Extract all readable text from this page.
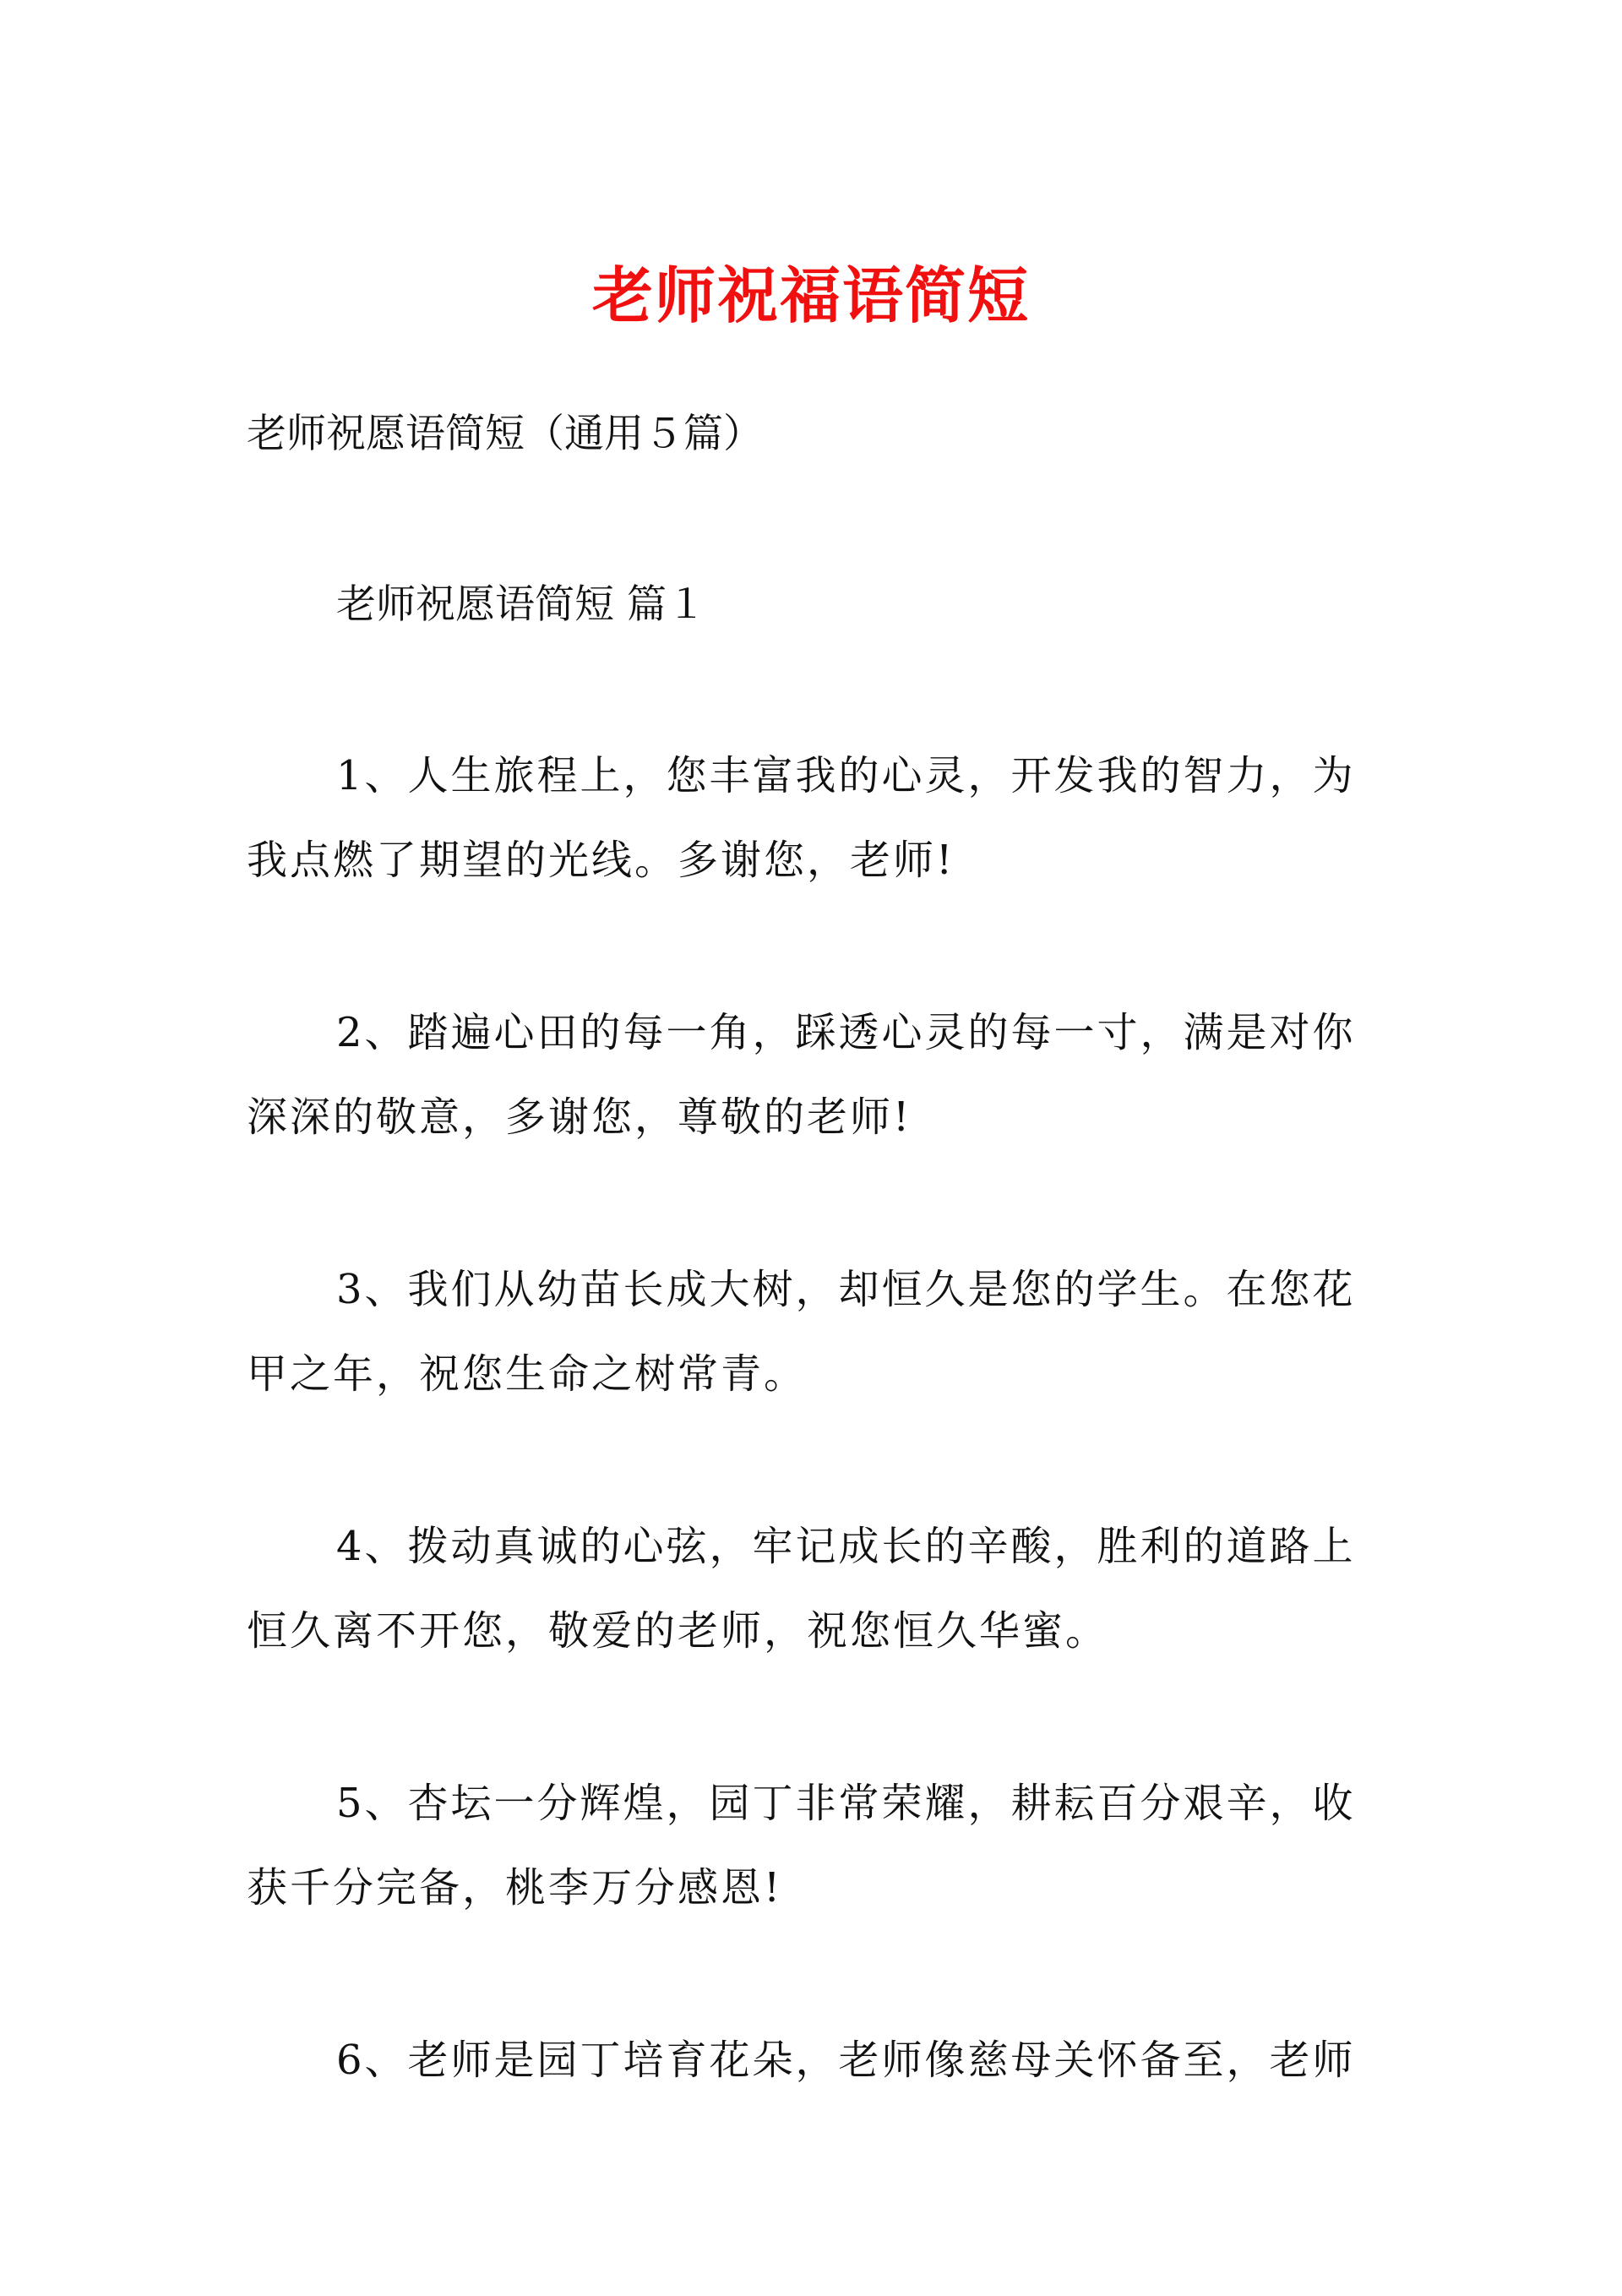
老师祝福语简短
老师祝愿语简短（通用５篇）
老师祝愿语简短 篇１
1、人生旅程上，您丰富我的心灵，开发我的智力，为
我点燃了期望的光线。多谢您，老师!
2、踏遍心田的每一角，踩透心灵的每一寸，满是对你
深深的敬意，多谢您，尊敬的老师!
3、我们从幼苗长成大树，却恒久是您的学生。在您花
甲之年，祝您生命之树常青。
4、拨动真诚的心弦，牢记成长的辛酸，胜利的道路上
恒久离不开您，敬爱的老师，祝您恒久华蜜。
5、杏坛一分辉煌，园丁非常荣耀，耕耘百分艰辛，收
获千分完备，桃李万分感恩!
6、老师是园丁培育花朵，老师像慈母关怀备至，老师
